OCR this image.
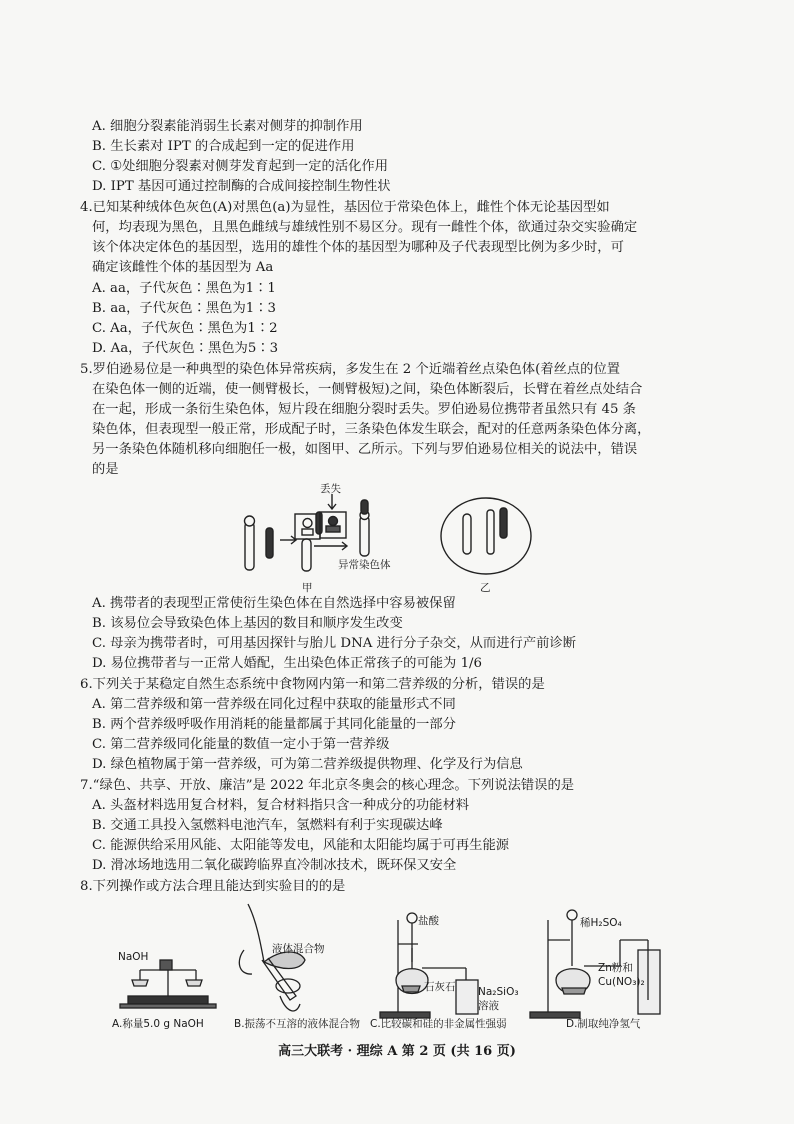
A. 细胞分裂素能消弱生长素对侧芽的抑制作用
B. 生长素对 IPT 的合成起到一定的促进作用
C. ①处细胞分裂素对侧芽发育起到一定的活化作用
D. IPT 基因可通过控制酶的合成间接控制生物性状
4.已知某种绒体色灰色(A)对黑色(a)为显性，基因位于常染色体上，雌性个体无论基因型如
何，均表现为黑色，且黑色雌绒与雄绒性别不易区分。现有一雌性个体，欲通过杂交实验确定
该个体决定体色的基因型，选用的雄性个体的基因型为哪种及子代表现型比例为多少时，可
确定该雌性个体的基因型为 Aa
A. aa，子代灰色∶黑色为1∶1
B. aa，子代灰色∶黑色为1∶3
C. Aa，子代灰色∶黑色为1∶2
D. Aa，子代灰色∶黑色为5∶3
5.罗伯逊易位是一种典型的染色体异常疾病，多发生在 2 个近端着丝点染色体(着丝点的位置
在染色体一侧的近端，使一侧臂极长，一侧臂极短)之间，染色体断裂后，长臂在着丝点处结合
在一起，形成一条衍生染色体，短片段在细胞分裂时丢失。罗伯逊易位携带者虽然只有 45 条
染色体，但表现型一般正常，形成配子时，三条染色体发生联会，配对的任意两条染色体分离，
另一条染色体随机移向细胞任一极，如图甲、乙所示。下列与罗伯逊易位相关的说法中，错误
的是
丢失
异常染色体
甲	乙
A. 携带者的表现型正常使衍生染色体在自然选择中容易被保留
B. 该易位会导致染色体上基因的数目和顺序发生改变
C. 母亲为携带者时，可用基因探针与胎儿 DNA 进行分子杂交，从而进行产前诊断
D. 易位携带者与一正常人婚配，生出染色体正常孩子的可能为 1/6
6.下列关于某稳定自然生态系统中食物网内第一和第二营养级的分析，错误的是
A. 第二营养级和第一营养级在同化过程中获取的能量形式不同
B. 两个营养级呼吸作用消耗的能量都属于其同化能量的一部分
C. 第二营养级同化能量的数值一定小于第一营养级
D. 绿色植物属于第一营养级，可为第二营养级提供物理、化学及行为信息
7.“绿色、共享、开放、廉洁”是 2022 年北京冬奥会的核心理念。下列说法错误的是
A. 头盔材料选用复合材料，复合材料指只含一种成分的功能材料
B. 交通工具投入氢燃料电池汽车，氢燃料有利于实现碳达峰
C. 能源供给采用风能、太阳能等发电，风能和太阳能均属于可再生能源
D. 滑冰场地选用二氧化碳跨临界直冷制冰技术，既环保又安全
8.下列操作或方法合理且能达到实验目的的是
NaOH
液体混合物
盐酸
石灰石 Na₂SiO₃
溶液
稀H₂SO₄
Zn粉和
Cu(NO₃)₂
A.称量5.0 g NaOH	B.振荡不互溶的液体混合物 C.比较碳和硅的非金属性强弱	D.制取纯净氢气
高三大联考 · 理综 A 第 2 页 (共 16 页)
